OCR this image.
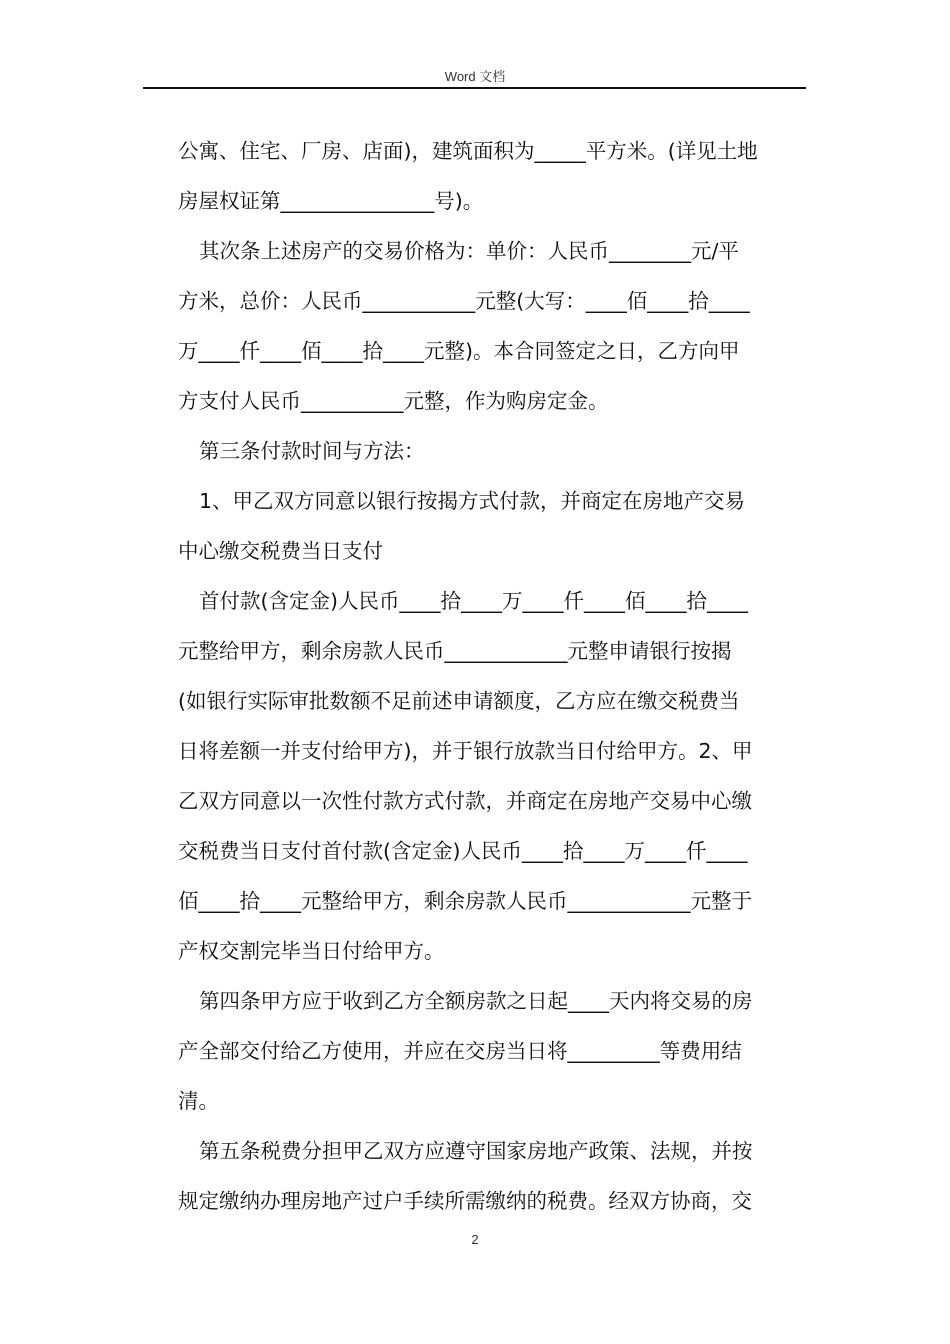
Word 文档
公寓、住宅、厂房、店面)，建筑面积为_____平方米。(详见土地
房屋权证第_______________号)。
其次条上述房产的交易价格为：单价：人民币________元/平
方米，总价：人民币___________元整(大写：____佰____拾____
万____仟____佰____拾____元整)。本合同签定之日，乙方向甲
方支付人民币__________元整，作为购房定金。
第三条付款时间与方法：
1、甲乙双方同意以银行按揭方式付款，并商定在房地产交易
中心缴交税费当日支付
首付款(含定金)人民币____拾____万____仟____佰____拾____
元整给甲方，剩余房款人民币____________元整申请银行按揭
(如银行实际审批数额不足前述申请额度，乙方应在缴交税费当
日将差额一并支付给甲方)，并于银行放款当日付给甲方。2、甲
乙双方同意以一次性付款方式付款，并商定在房地产交易中心缴
交税费当日支付首付款(含定金)人民币____拾____万____仟____
佰____拾____元整给甲方，剩余房款人民币____________元整于
产权交割完毕当日付给甲方。
第四条甲方应于收到乙方全额房款之日起____天内将交易的房
产全部交付给乙方使用，并应在交房当日将_________等费用结
清。
第五条税费分担甲乙双方应遵守国家房地产政策、法规，并按
规定缴纳办理房地产过户手续所需缴纳的税费。经双方协商，交
2
